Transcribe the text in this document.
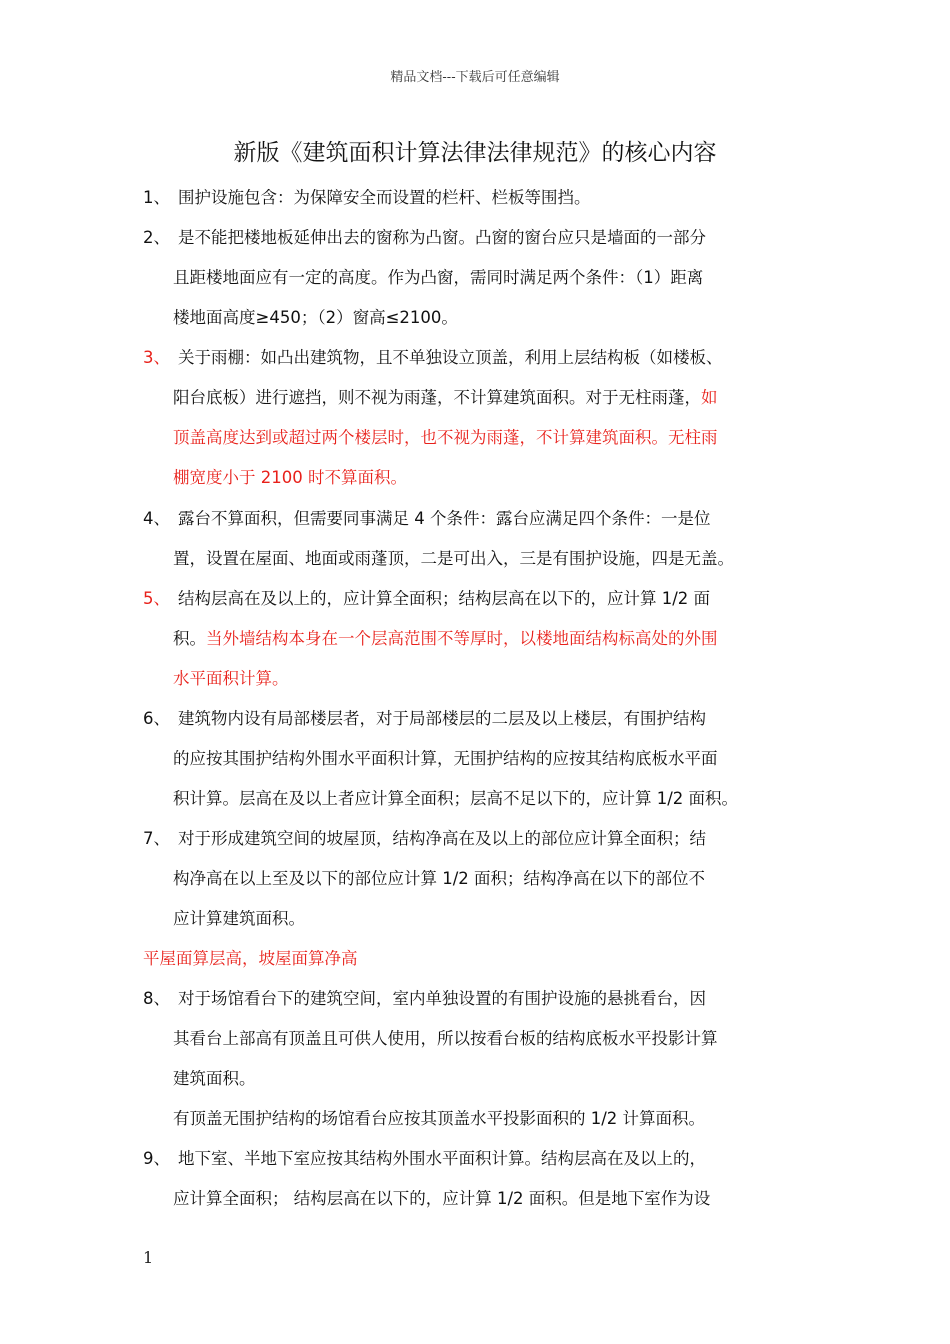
精品文档---下载后可任意编辑
新版《建筑面积计算法律法律规范》的核心内容
1、 围护设施包含：为保障安全而设置的栏杆、栏板等围挡。
2、 是不能把楼地板延伸出去的窗称为凸窗。凸窗的窗台应只是墙面的一部分
且距楼地面应有一定的高度。作为凸窗，需同时满足两个条件：（1）距离
楼地面高度≥450；（2）窗高≤2100。
3、 关于雨棚：如凸出建筑物，且不单独设立顶盖，利用上层结构板（如楼板、
阳台底板）进行遮挡，则不视为雨蓬，不计算建筑面积。对于无柱雨蓬，如
顶盖高度达到或超过两个楼层时，也不视为雨蓬，不计算建筑面积。无柱雨
棚宽度小于 2100 时不算面积。
4、 露台不算面积，但需要同事满足 4 个条件：露台应满足四个条件：一是位
置，设置在屋面、地面或雨蓬顶，二是可出入，三是有围护设施，四是无盖。
5、 结构层高在及以上的，应计算全面积；结构层高在以下的，应计算 1/2 面
积。当外墙结构本身在一个层高范围不等厚时，以楼地面结构标高处的外围
水平面积计算。
6、 建筑物内设有局部楼层者，对于局部楼层的二层及以上楼层，有围护结构
的应按其围护结构外围水平面积计算，无围护结构的应按其结构底板水平面
积计算。层高在及以上者应计算全面积；层高不足以下的，应计算 1/2 面积。
7、 对于形成建筑空间的坡屋顶，结构净高在及以上的部位应计算全面积；结
构净高在以上至及以下的部位应计算 1/2 面积；结构净高在以下的部位不
应计算建筑面积。
平屋面算层高，坡屋面算净高
8、 对于场馆看台下的建筑空间，室内单独设置的有围护设施的悬挑看台，因
其看台上部高有顶盖且可供人使用，所以按看台板的结构底板水平投影计算
建筑面积。
有顶盖无围护结构的场馆看台应按其顶盖水平投影面积的 1/2 计算面积。
9、 地下室、半地下室应按其结构外围水平面积计算。结构层高在及以上的，
应计算全面积； 结构层高在以下的，应计算 1/2 面积。但是地下室作为设
1
